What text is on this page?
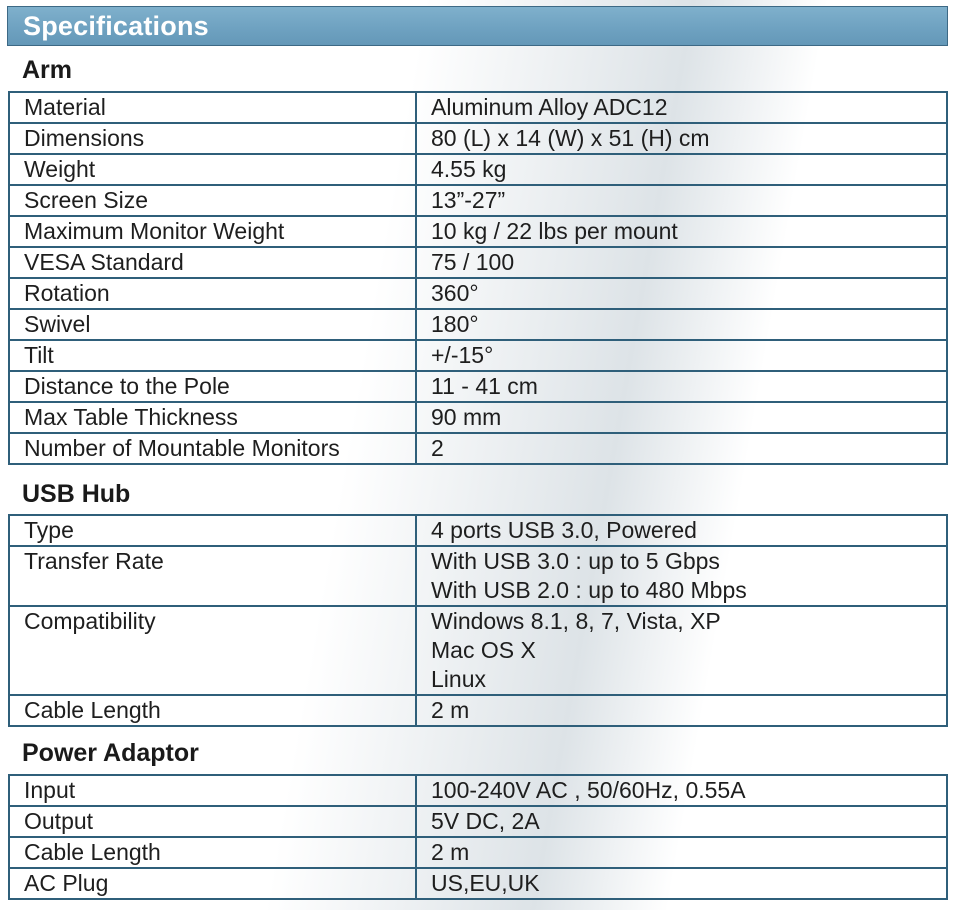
Specifications
Arm
Material	Aluminum Alloy ADC12

Dimensions	80 (L) x 14 (W) x 51 (H) cm

Weight	4.55 kg

Screen Size	13”-27”

Maximum Monitor Weight	10 kg / 22 lbs per mount

VESA Standard	75 / 100

Rotation	360°

Swivel	180°

Tilt	+/-15°

Distance to the Pole	11 - 41 cm

Max Table Thickness	90 mm

Number of Mountable Monitors	2
USB Hub
Type	4 ports USB 3.0, Powered

Transfer Rate	With USB 3.0 : up to 5 Gbps
With USB 2.0 : up to 480 Mbps

Compatibility	Windows 8.1, 8, 7, Vista, XP
Mac OS X
Linux

Cable Length	2 m
Power Adaptor
Input	100-240V AC , 50/60Hz, 0.55A

Output	5V DC, 2A

Cable Length	2 m

AC Plug	US,EU,UK
